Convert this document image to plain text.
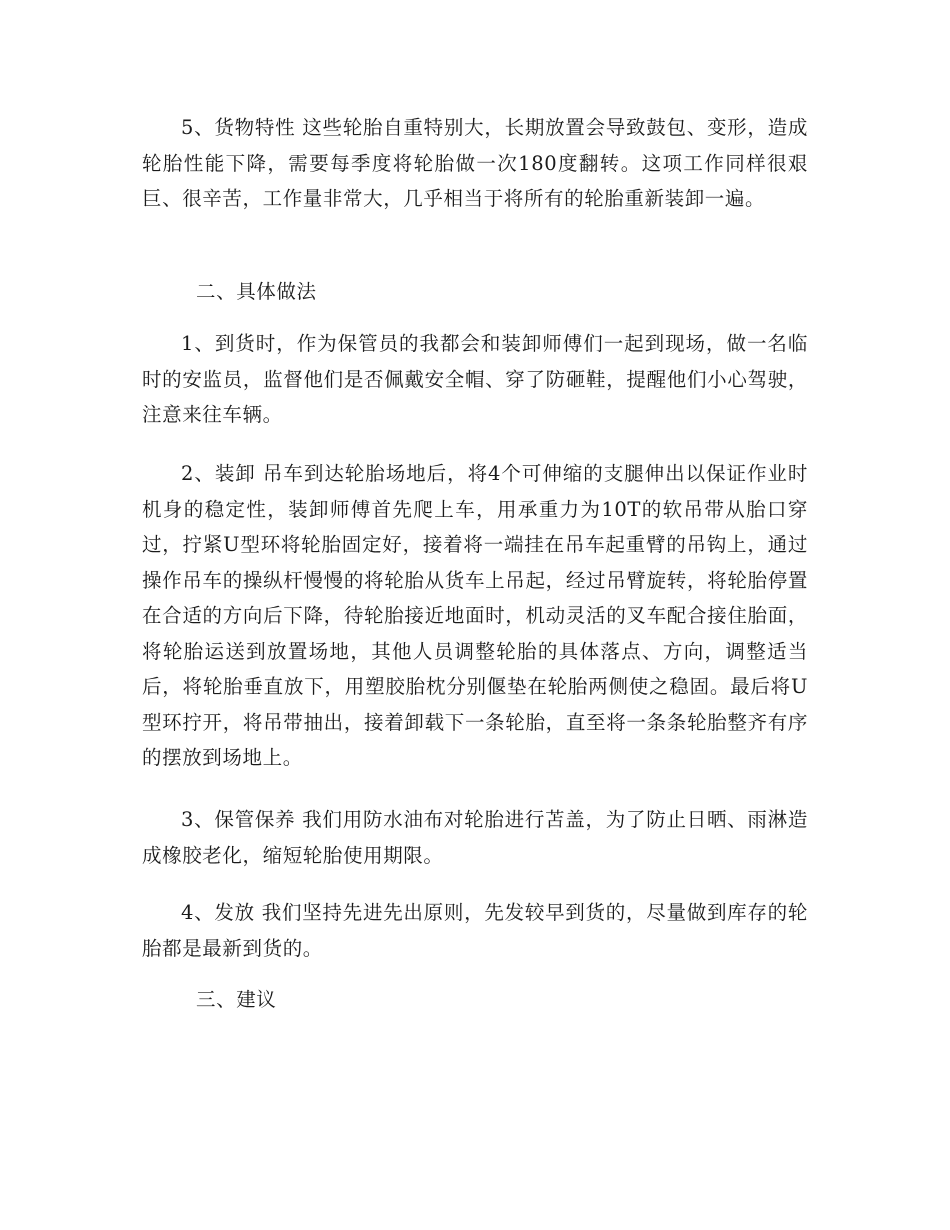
5、货物特性 这些轮胎自重特别大，长期放置会导致鼓包、变形，造成轮胎性能下降，需要每季度将轮胎做一次180度翻转。这项工作同样很艰巨、很辛苦，工作量非常大，几乎相当于将所有的轮胎重新装卸一遍。

二、具体做法

1、到货时，作为保管员的我都会和装卸师傅们一起到现场，做一名临时的安监员，监督他们是否佩戴安全帽、穿了防砸鞋，提醒他们小心驾驶，注意来往车辆。

2、装卸 吊车到达轮胎场地后，将4个可伸缩的支腿伸出以保证作业时机身的稳定性，装卸师傅首先爬上车，用承重力为10T的软吊带从胎口穿过，拧紧U型环将轮胎固定好，接着将一端挂在吊车起重臂的吊钩上，通过操作吊车的操纵杆慢慢的将轮胎从货车上吊起，经过吊臂旋转，将轮胎停置在合适的方向后下降，待轮胎接近地面时，机动灵活的叉车配合接住胎面，将轮胎运送到放置场地，其他人员调整轮胎的具体落点、方向，调整适当后，将轮胎垂直放下，用塑胶胎枕分别偃垫在轮胎两侧使之稳固。最后将U型环拧开，将吊带抽出，接着卸载下一条轮胎，直至将一条条轮胎整齐有序的摆放到场地上。

3、保管保养 我们用防水油布对轮胎进行苫盖，为了防止日晒、雨淋造成橡胶老化，缩短轮胎使用期限。

4、发放 我们坚持先进先出原则，先发较早到货的，尽量做到库存的轮胎都是最新到货的。

三、建议
